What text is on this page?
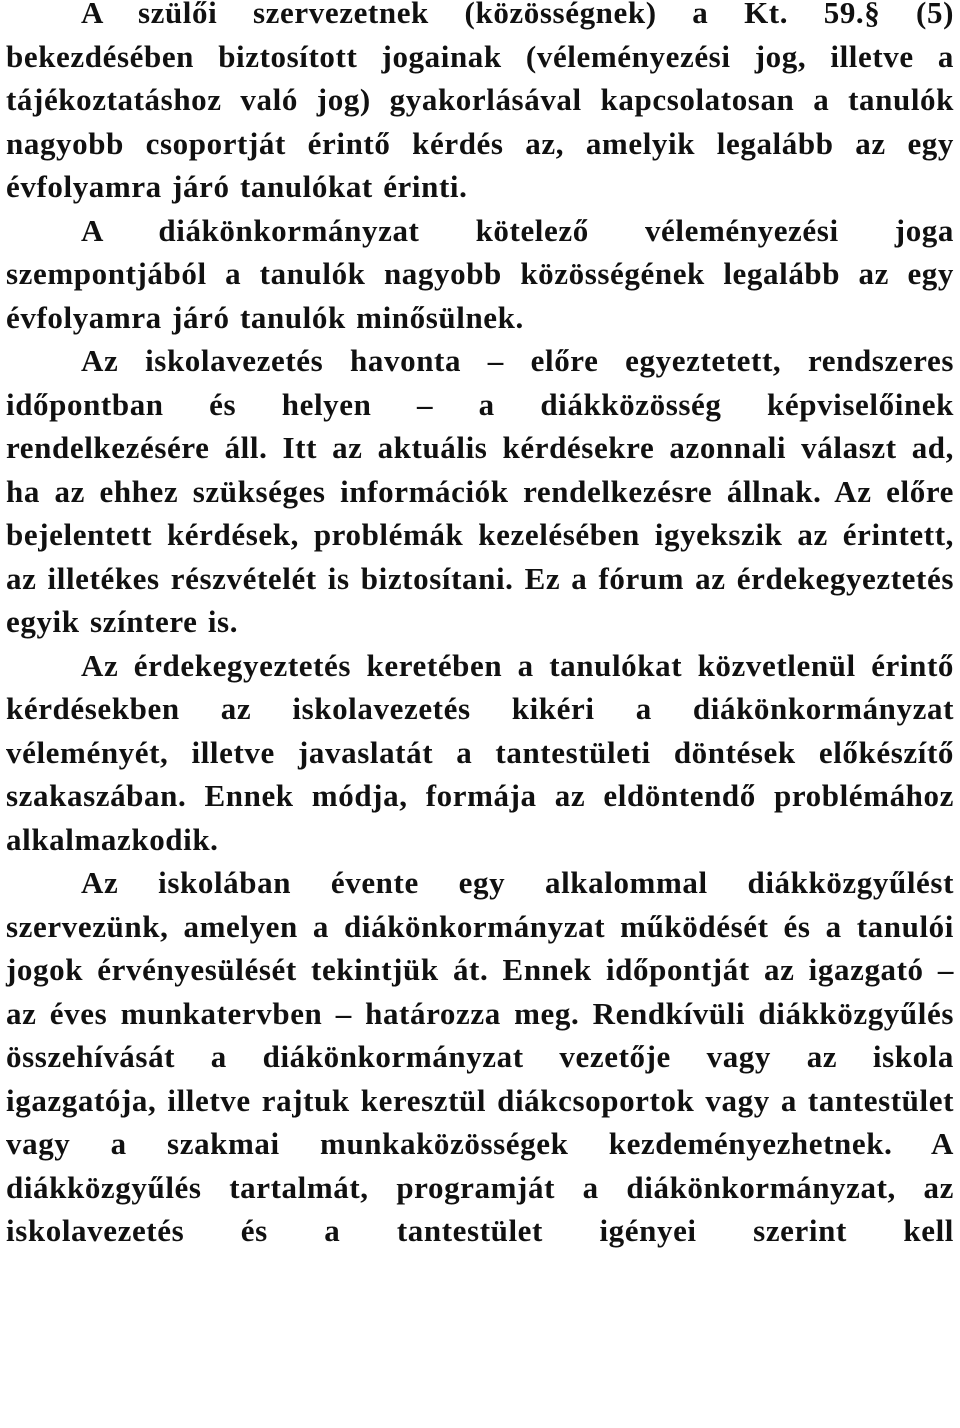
A szülői szervezetnek (közösségnek) a Kt. 59.§ (5) bekezdésében biztosított jogainak (véleményezési jog, illetve a tájékoztatáshoz való jog) gyakorlásával kapcsolatosan a tanulók nagyobb csoportját érintő kérdés az, amelyik legalább az egy évfolyamra járó tanulókat érinti.

A diákönkormányzat kötelező véleményezési joga szempontjából a tanulók nagyobb közösségének legalább az egy évfolyamra járó tanulók minősülnek.

Az iskolavezetés havonta – előre egyeztetett, rendszeres időpontban és helyen – a diákközösség képviselőinek rendelkezésére áll. Itt az aktuális kérdésekre azonnali választ ad, ha az ehhez szükséges információk rendelkezésre állnak. Az előre bejelentett kérdések, problémák kezelésében igyekszik az érintett, az illetékes részvételét is biztosítani. Ez a fórum az érdekegyeztetés egyik színtere is.

Az érdekegyeztetés keretében a tanulókat közvetlenül érintő kérdésekben az iskolavezetés kikéri a diákönkormányzat véleményét, illetve javaslatát a tantestületi döntések előkészítő szakaszában. Ennek módja, formája az eldöntendő problémához alkalmazkodik.

Az iskolában évente egy alkalommal diákközgyűlést szervezünk, amelyen a diákönkormányzat működését és a tanulói jogok érvényesülését tekintjük át. Ennek időpontját az igazgató – az éves munkatervben – határozza meg. Rendkívüli diákközgyűlés összehívását a diákönkormányzat vezetője vagy az iskola igazgatója, illetve rajtuk keresztül diákcsoportok vagy a tantestület vagy a szakmai munkaközösségek kezdeményezhetnek. A diákközgyűlés tartalmát, programját a diákönkormányzat, az iskolavezetés és a tantestület igényei szerint kell
